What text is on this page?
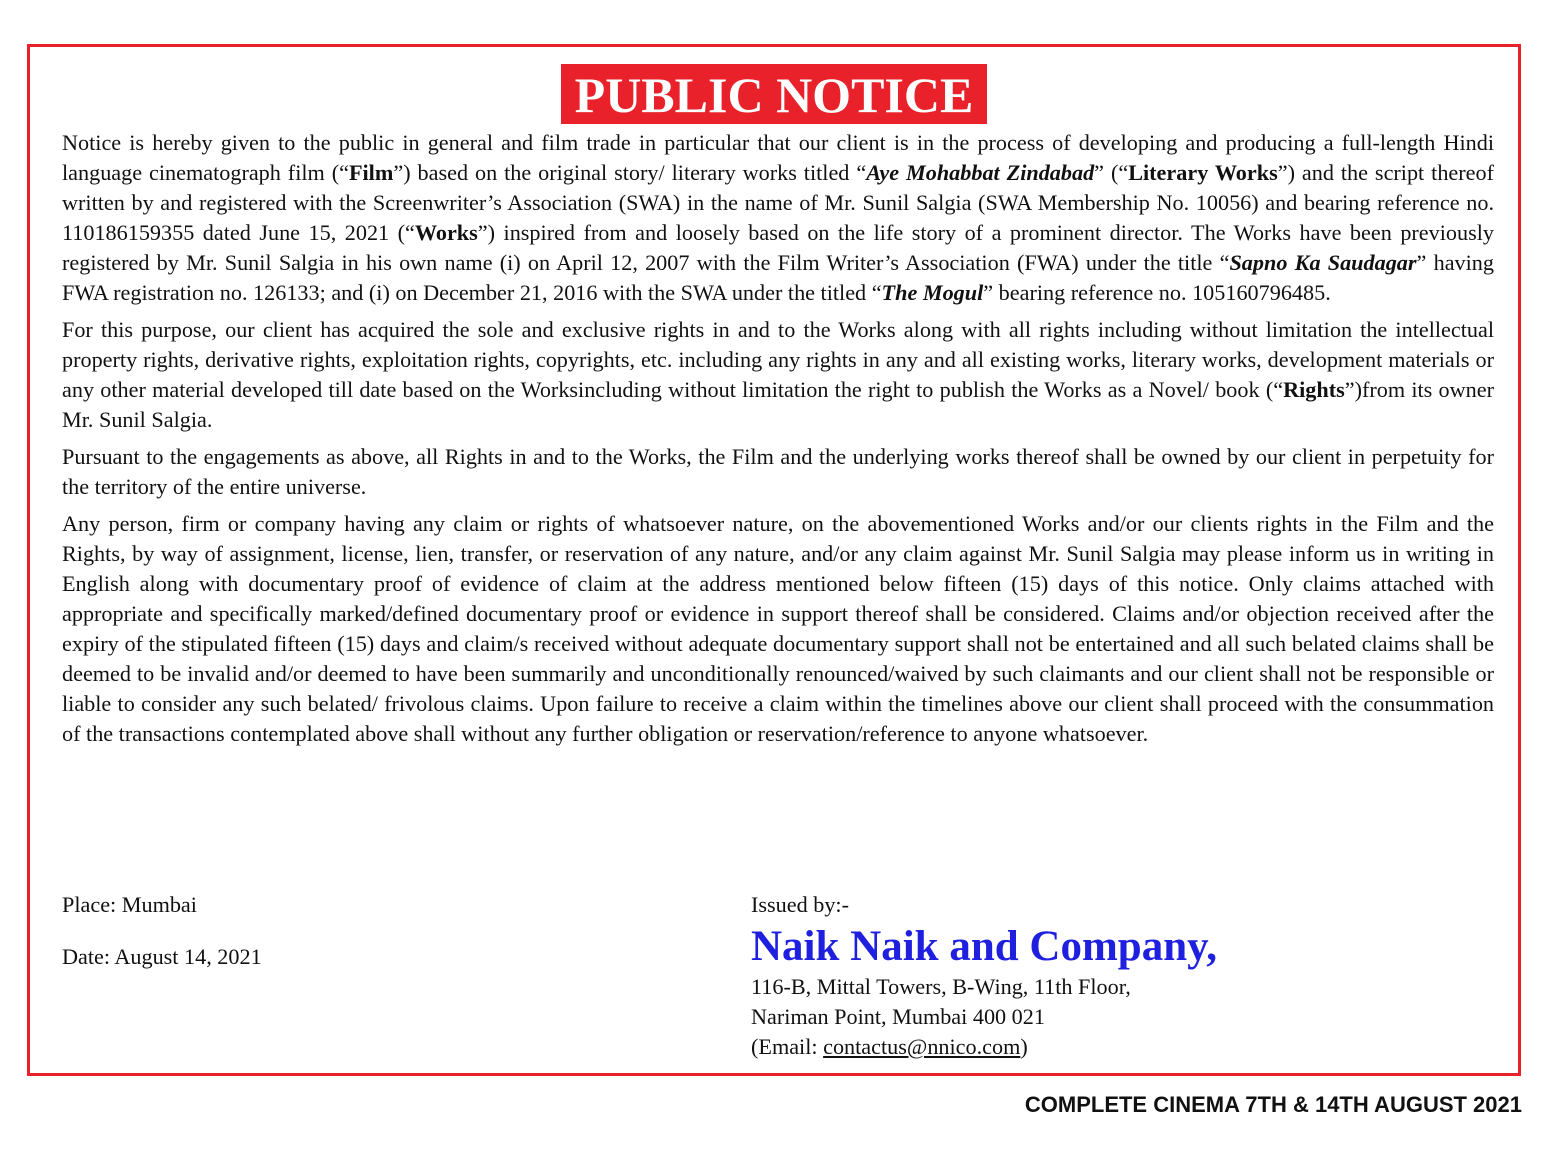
PUBLIC NOTICE

Notice is hereby given to the public in general and film trade in particular that our client is in the process of developing and producing a full-length Hindi language cinematograph film (“Film”) based on the original story/ literary works titled “Aye Mohabbat Zindabad” (“Literary Works”) and the script thereof written by and registered with the Screenwriter’s Association (SWA) in the name of Mr. Sunil Salgia (SWA Membership No. 10056) and bearing reference no. 110186159355 dated June 15, 2021 (“Works”) inspired from and loosely based on the life story of a prominent director. The Works have been previously registered by Mr. Sunil Salgia in his own name (i) on April 12, 2007 with the Film Writer’s Association (FWA) under the title “Sapno Ka Saudagar” having FWA registration no. 126133; and (i) on December 21, 2016 with the SWA under the titled “The Mogul” bearing reference no. 105160796485.

For this purpose, our client has acquired the sole and exclusive rights in and to the Works along with all rights including without limitation the intellectual property rights, derivative rights, exploitation rights, copyrights, etc. including any rights in any and all existing works, literary works, development materials or any other material developed till date based on the Worksincluding without limitation the right to publish the Works as a Novel/ book (“Rights”)from its owner Mr. Sunil Salgia.

Pursuant to the engagements as above, all Rights in and to the Works, the Film and the underlying works thereof shall be owned by our client in perpetuity for the territory of the entire universe.

Any person, firm or company having any claim or rights of whatsoever nature, on the abovementioned Works and/or our clients rights in the Film and the Rights, by way of assignment, license, lien, transfer, or reservation of any nature, and/or any claim against Mr. Sunil Salgia may please inform us in writing in English along with documentary proof of evidence of claim at the address mentioned below fifteen (15) days of this notice. Only claims attached with appropriate and specifically marked/defined documentary proof or evidence in support thereof shall be considered. Claims and/or objection received after the expiry of the stipulated fifteen (15) days and claim/s received without adequate documentary support shall not be entertained and all such belated claims shall be deemed to be invalid and/or deemed to have been summarily and unconditionally renounced/waived by such claimants and our client shall not be responsible or liable to consider any such belated/ frivolous claims. Upon failure to receive a claim within the timelines above our client shall proceed with the consummation of the transactions contemplated above shall without any further obligation or reservation/reference to anyone whatsoever.

Place: Mumbai
Date: August 14, 2021
Issued by:-
Naik Naik and Company,
116-B, Mittal Towers, B-Wing, 11th Floor,
Nariman Point, Mumbai 400 021
(Email: contactus@nnico.com)
COMPLETE CINEMA 7TH & 14TH AUGUST 2021
